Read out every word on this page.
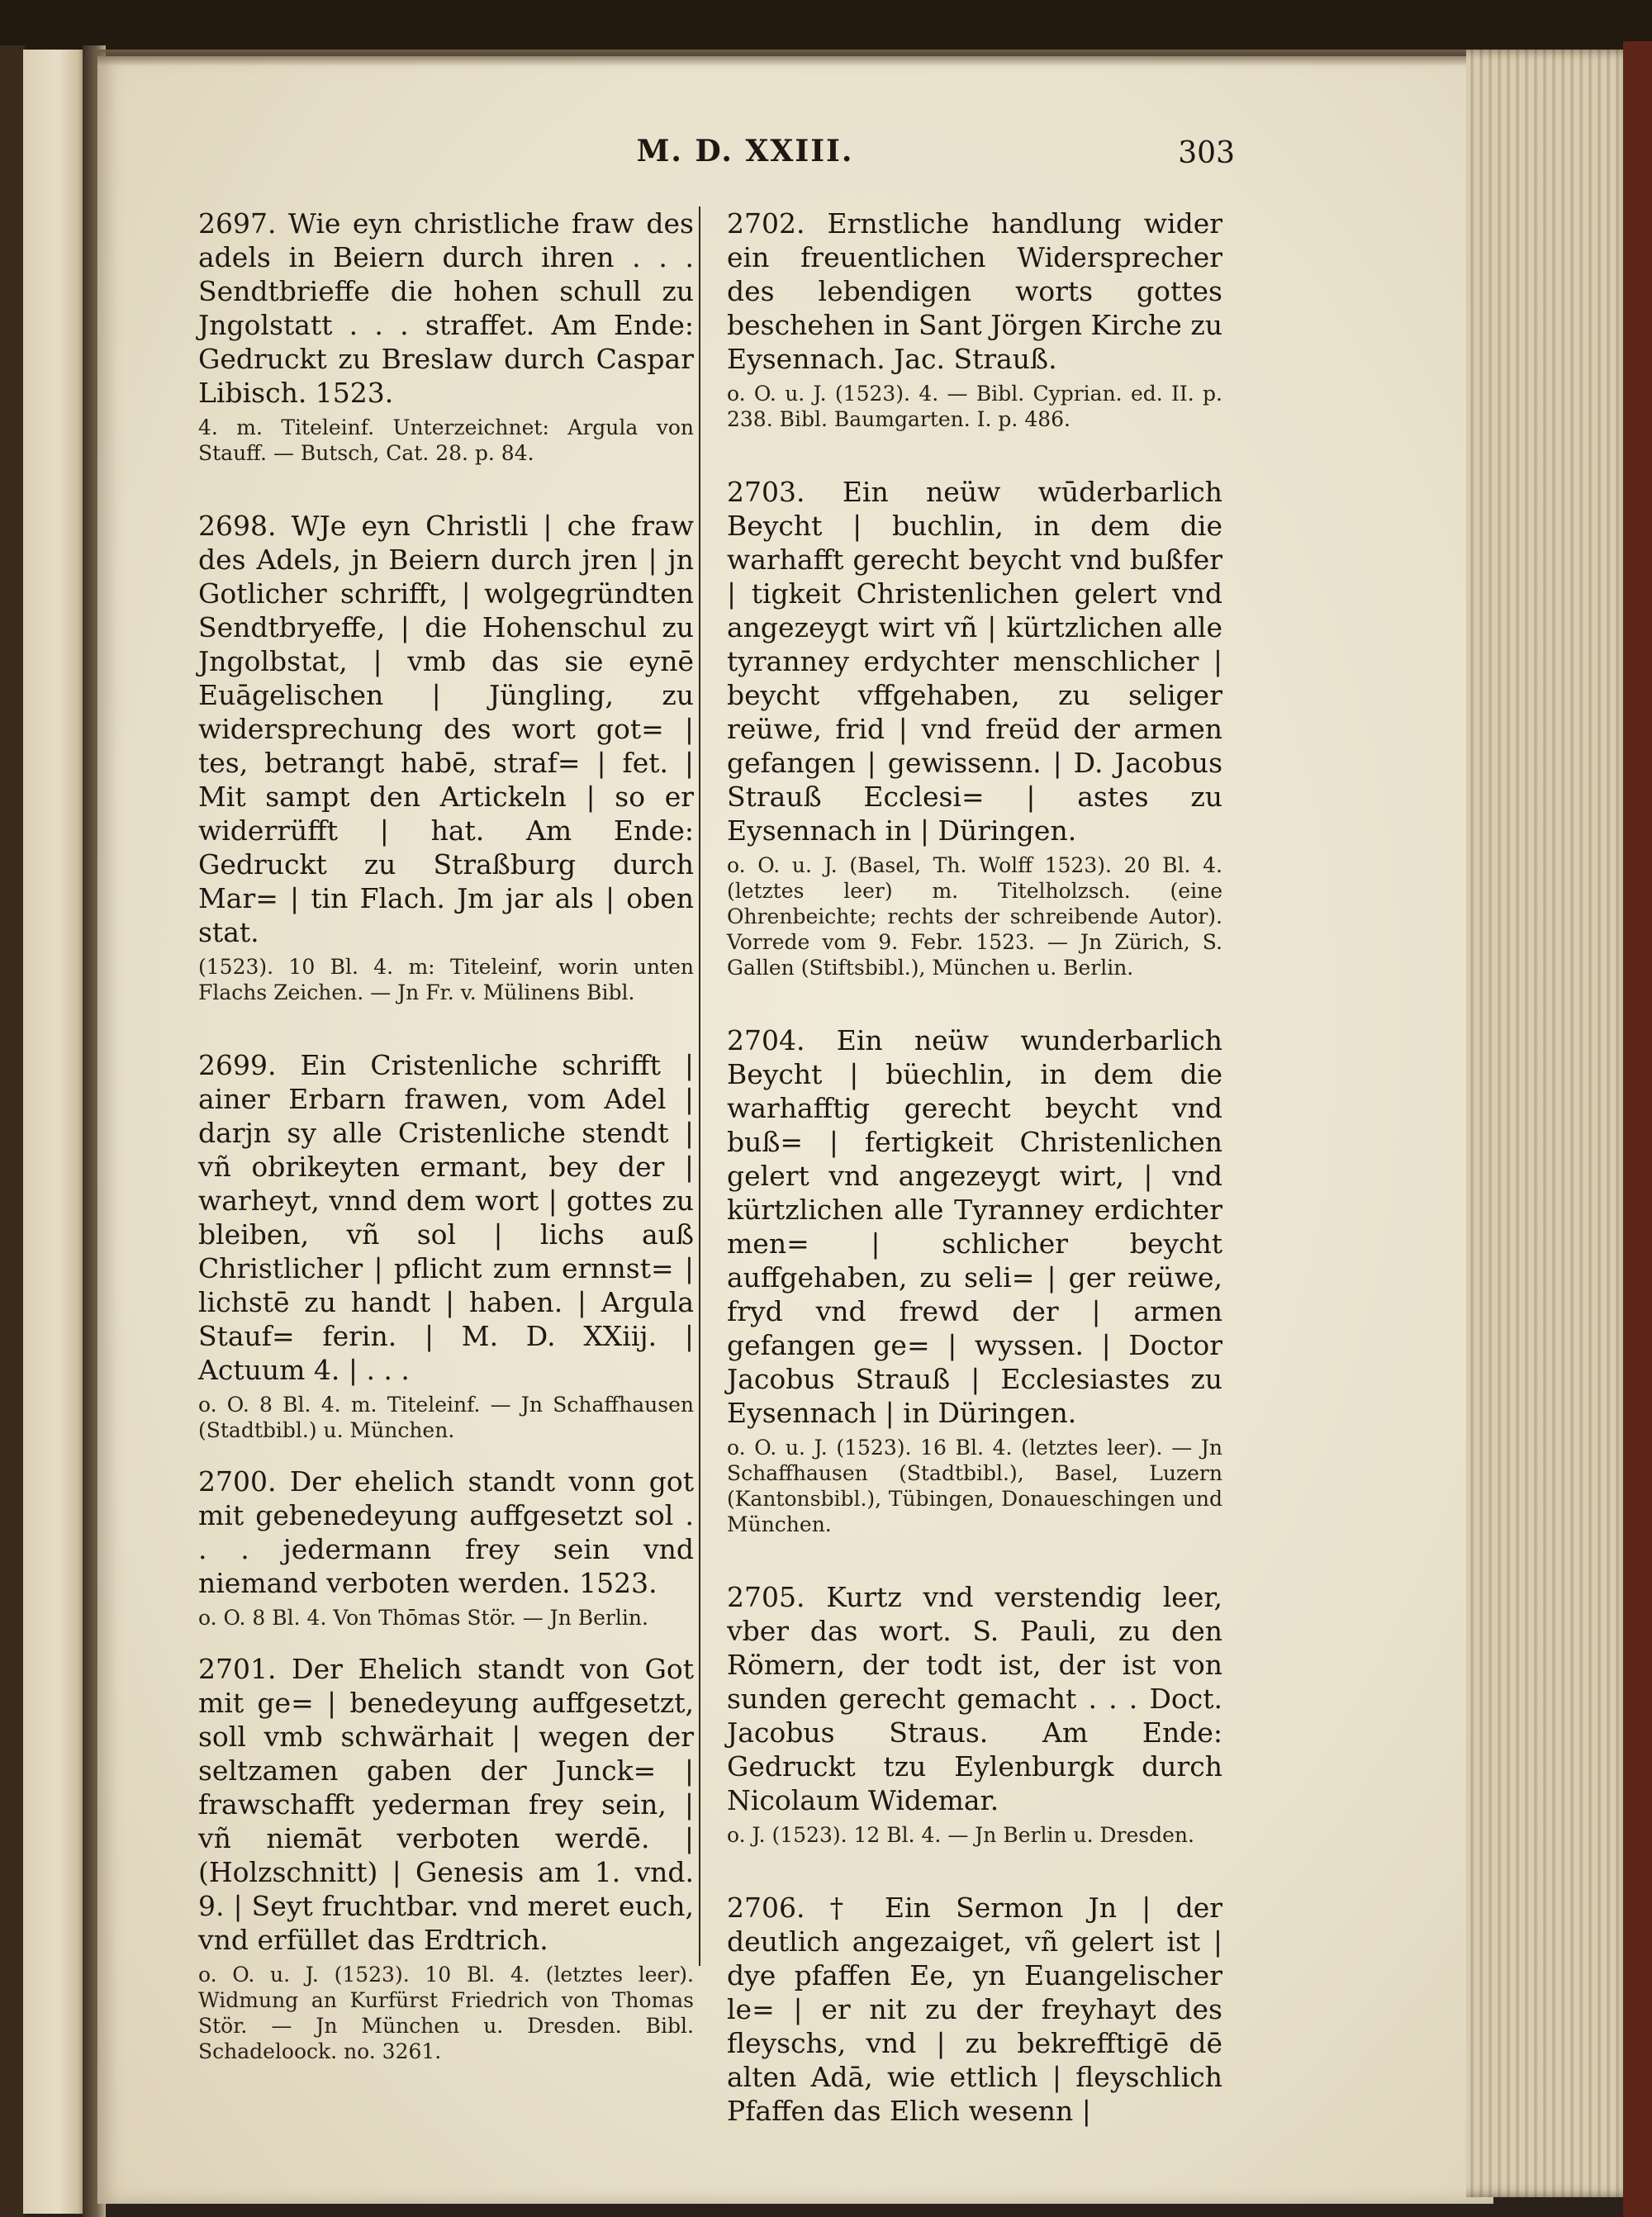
M. D. XXIII.	303

2697. Wie eyn christliche fraw des adels in Beiern durch ihren . . . Sendtbrieffe die hohen schull zu Jngolstatt . . . straffet. Am Ende: Gedruckt zu Breslaw durch Caspar Libisch. 1523.

4. m. Titeleinf. Unterzeichnet: Argula von Stauff. — Butsch, Cat. 28. p. 84.

2698. WJe eyn Christli | che fraw des Adels, jn Beiern durch jren | jn Gotlicher schrifft, | wolgegründten Sendtbryeffe, | die Hohenschul zu Jngolbstat, | vmb das sie eynē Euāgelischen | Jüngling, zu widersprechung des wort got= | tes, betrangt habē, straf= | fet. | Mit sampt den Artickeln | so er widerrüfft | hat. Am Ende: Gedruckt zu Straßburg durch Mar= | tin Flach. Jm jar als | oben stat.

(1523). 10 Bl. 4. m: Titeleinf, worin unten Flachs Zeichen. — Jn Fr. v. Mülinens Bibl.

2699. Ein Cristenliche schrifft | ainer Erbarn frawen, vom Adel | darjn sy alle Cristenliche stendt | vñ obrikeyten ermant, bey der | warheyt, vnnd dem wort | gottes zu bleiben, vñ sol | lichs auß Christlicher | pflicht zum ernnst= | lichstē zu handt | haben. | Argula Stauf= ferin. | M. D. XXiij. | Actuum 4. | . . .

o. O. 8 Bl. 4. m. Titeleinf. — Jn Schaffhausen (Stadtbibl.) u. München.

2700. Der ehelich standt vonn got mit gebenedeyung auffgesetzt sol . . . jedermann frey sein vnd niemand verboten werden. 1523.

o. O. 8 Bl. 4. Von Thōmas Stör. — Jn Berlin.

2701. Der Ehelich standt von Got mit ge= | benedeyung auffgesetzt, soll vmb schwärhait | wegen der seltzamen gaben der Junck= | frawschafft yederman frey sein, | vñ niemāt verboten werdē. | (Holzschnitt) | Genesis am 1. vnd. 9. | Seyt fruchtbar. vnd meret euch, vnd erfüllet das Erdtrich.

o. O. u. J. (1523). 10 Bl. 4. (letztes leer). Widmung an Kurfürst Friedrich von Thomas Stör. — Jn München u. Dresden. Bibl. Schadeloock. no. 3261.

2702. Ernstliche handlung wider ein freuentlichen Widersprecher des lebendigen worts gottes beschehen in Sant Jörgen Kirche zu Eysennach. Jac. Strauß.

o. O. u. J. (1523). 4. — Bibl. Cyprian. ed. II. p. 238. Bibl. Baumgarten. I. p. 486.

2703. Ein neüw wūderbarlich Beycht | buchlin, in dem die warhafft gerecht beycht vnd bußfer | tigkeit Christenlichen gelert vnd angezeygt wirt vñ | kürtzlichen alle tyranney erdychter menschlicher | beycht vffgehaben, zu seliger reüwe, frid | vnd freüd der armen gefangen | gewissenn. | D. Jacobus Strauß Ecclesi= | astes zu Eysennach in | Düringen.

o. O. u. J. (Basel, Th. Wolff 1523). 20 Bl. 4. (letztes leer) m. Titelholzsch. (eine Ohrenbeichte; rechts der schreibende Autor). Vorrede vom 9. Febr. 1523. — Jn Zürich, S. Gallen (Stiftsbibl.), München u. Berlin.

2704. Ein neüw wunderbarlich Beycht | büechlin, in dem die warhafftig gerecht beycht vnd buß= | fertigkeit Christenlichen gelert vnd angezeygt wirt, | vnd kürtzlichen alle Tyranney erdichter men= | schlicher beycht auffgehaben, zu seli= | ger reüwe, fryd vnd frewd der | armen gefangen ge= | wyssen. | Doctor Jacobus Strauß | Ecclesiastes zu Eysennach | in Düringen.

o. O. u. J. (1523). 16 Bl. 4. (letztes leer). — Jn Schaffhausen (Stadtbibl.), Basel, Luzern (Kantonsbibl.), Tübingen, Donaueschingen und München.

2705. Kurtz vnd verstendig leer, vber das wort. S. Pauli, zu den Römern, der todt ist, der ist von sunden gerecht gemacht . . . Doct. Jacobus Straus. Am Ende: Gedruckt tzu Eylenburgk durch Nicolaum Widemar.

o. J. (1523). 12 Bl. 4. — Jn Berlin u. Dresden.

2706. † Ein Sermon Jn | der deutlich angezaiget, vñ gelert ist | dye pfaffen Ee, yn Euangelischer le= | er nit zu der freyhayt des fleyschs, vnd | zu bekrefftigē dē alten Adā, wie ettlich | fleyschlich Pfaffen das Elich wesenn |
